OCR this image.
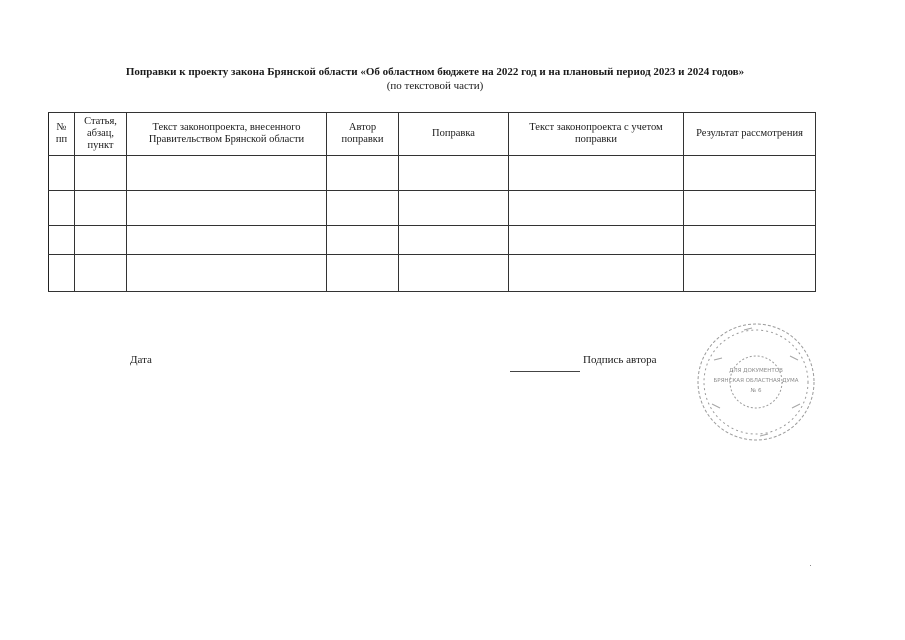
Поправки к проекту закона Брянской области «Об областном бюджете на 2022 год и на плановый период 2023 и 2024 годов»
(по текстовой части)
№ пп	Статья, абзац, пункт	Текст законопроекта, внесенного Правительством Брянской области	Автор поправки	Поправка	Текст законопроекта с учетом поправки	Результат рассмотрения

Дата	Подпись автора
ДЛЯ ДОКУМЕНТОВ
БРЯНСКАЯ ОБЛАСТНАЯ ДУМА
№ 6
